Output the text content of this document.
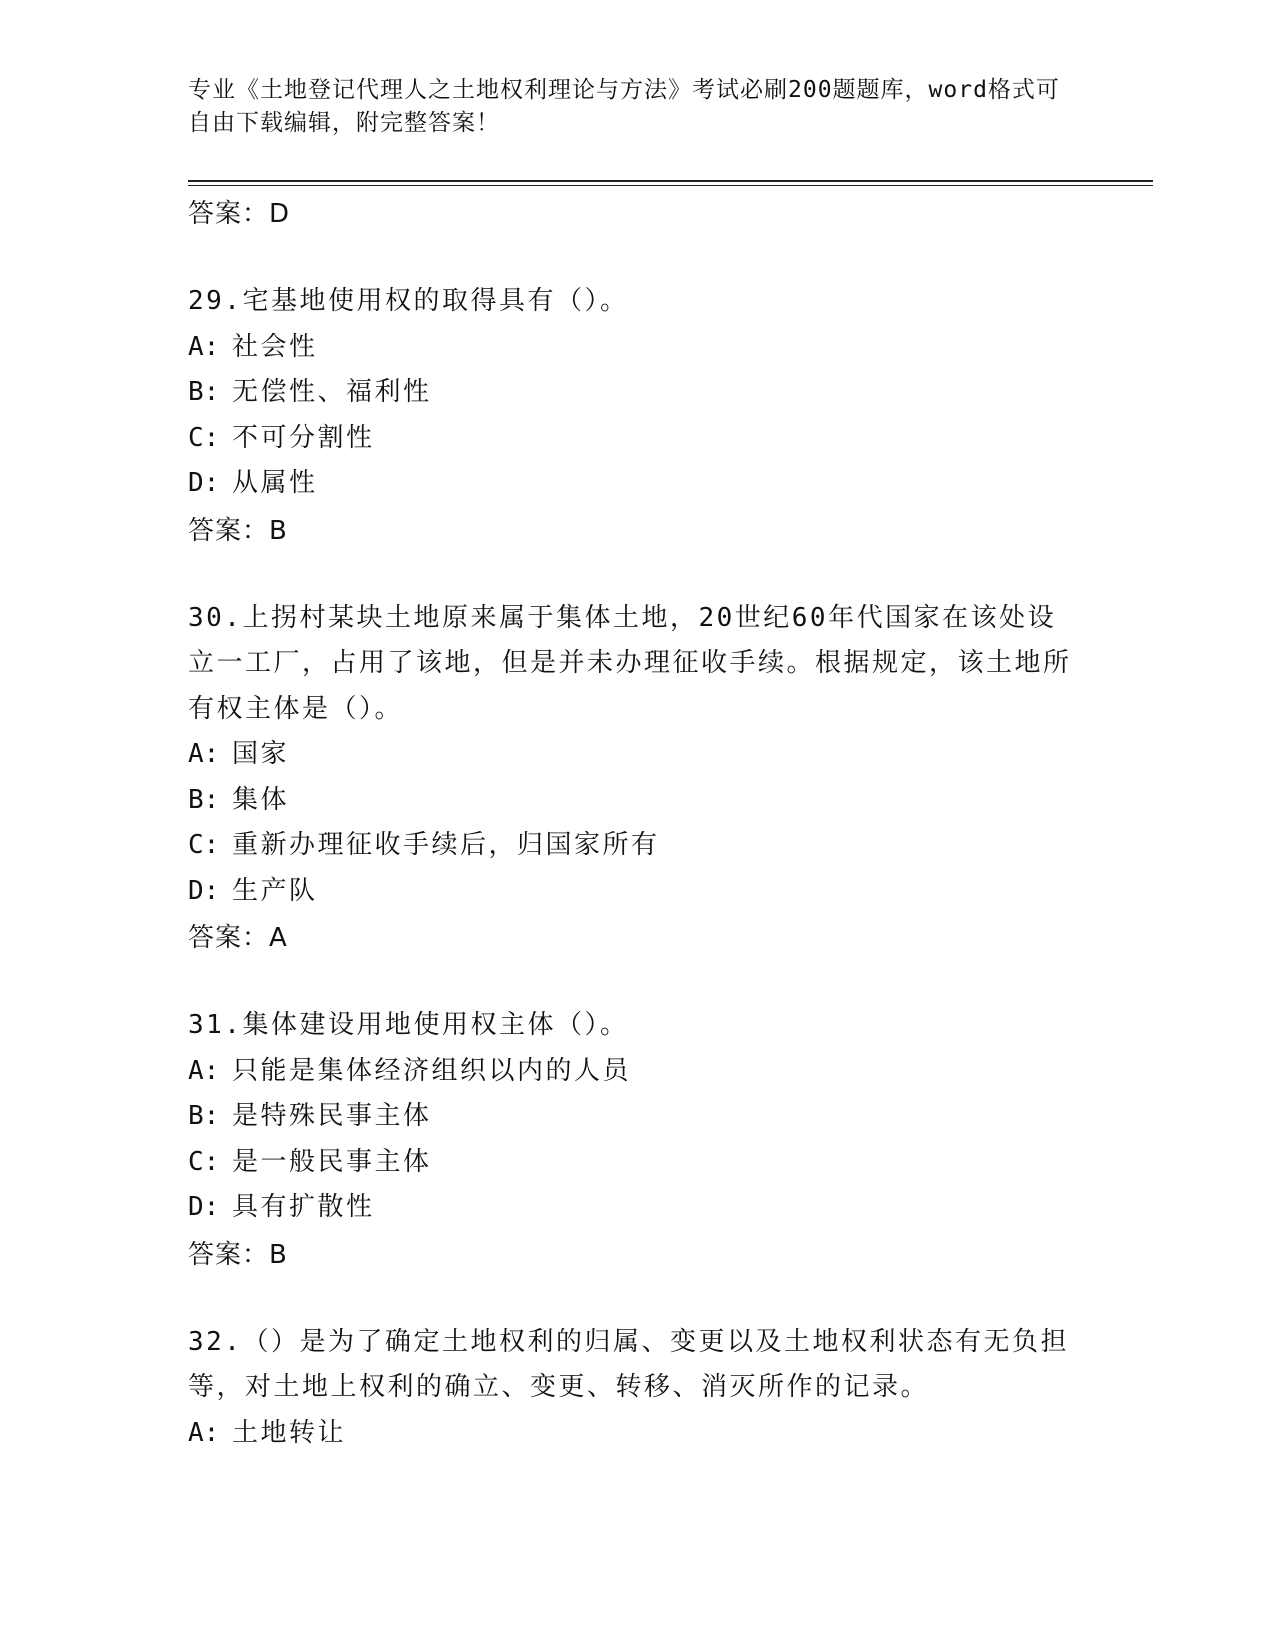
专业《土地登记代理人之土地权利理论与方法》考试必刷200题题库，word格式可自由下载编辑，附完整答案！
答案：D
29.宅基地使用权的取得具有（）。
A: 社会性
B: 无偿性、福利性
C: 不可分割性
D: 从属性
答案：B
30.上拐村某块土地原来属于集体土地，20世纪60年代国家在该处设立一工厂，占用了该地，但是并未办理征收手续。根据规定，该土地所有权主体是（）。
A: 国家
B: 集体
C: 重新办理征收手续后，归国家所有
D: 生产队
答案：A
31.集体建设用地使用权主体（）。
A: 只能是集体经济组织以内的人员
B: 是特殊民事主体
C: 是一般民事主体
D: 具有扩散性
答案：B
32.（）是为了确定土地权利的归属、变更以及土地权利状态有无负担等，对土地上权利的确立、变更、转移、消灭所作的记录。
A: 土地转让
